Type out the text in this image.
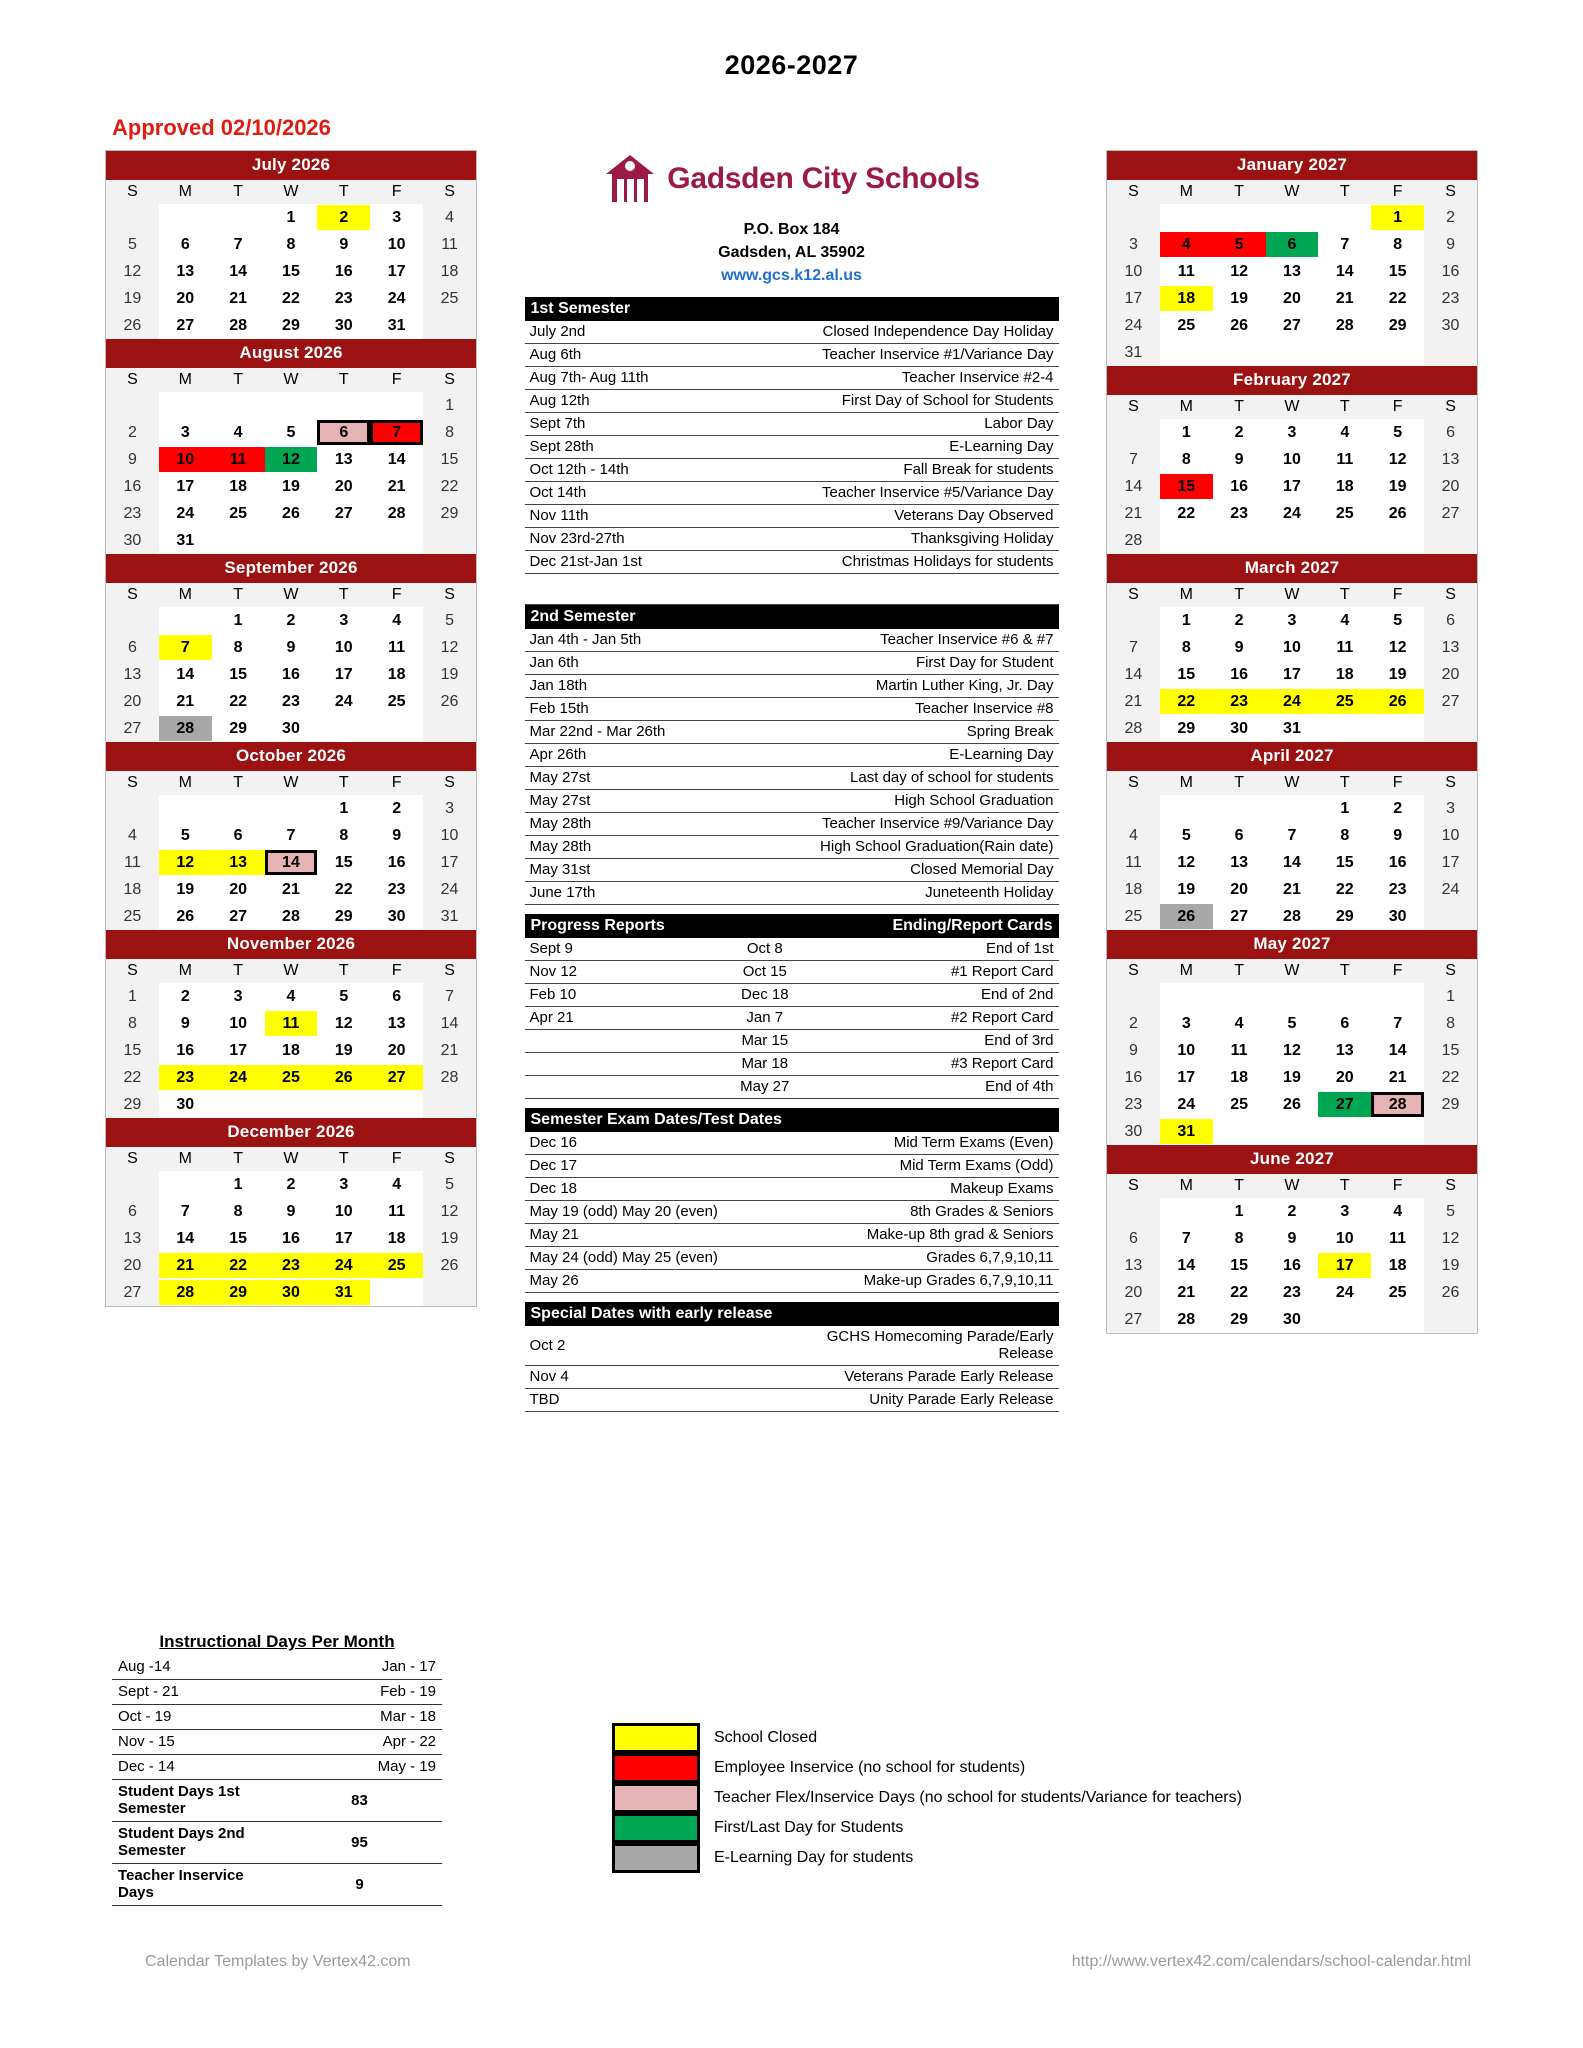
2026-2027
Approved 02/10/2026
July 2026
S	M	T	W	T	F	S

			1	2	3	4

5	6	7	8	9	10	11

12	13	14	15	16	17	18

19	20	21	22	23	24	25

26	27	28	29	30	31	

August 2026
S	M	T	W	T	F	S

						1

2	3	4	5	6	7	8

9	10	11	12	13	14	15

16	17	18	19	20	21	22

23	24	25	26	27	28	29

30	31					

September 2026
S	M	T	W	T	F	S

		1	2	3	4	5

6	7	8	9	10	11	12

13	14	15	16	17	18	19

20	21	22	23	24	25	26

27	28	29	30			

October 2026
S	M	T	W	T	F	S

				1	2	3

4	5	6	7	8	9	10

11	12	13	14	15	16	17

18	19	20	21	22	23	24

25	26	27	28	29	30	31
November 2026
S	M	T	W	T	F	S

1	2	3	4	5	6	7

8	9	10	11	12	13	14

15	16	17	18	19	20	21

22	23	24	25	26	27	28

29	30					

December 2026
S	M	T	W	T	F	S

		1	2	3	4	5

6	7	8	9	10	11	12

13	14	15	16	17	18	19

20	21	22	23	24	25	26

27	28	29	30	31		

Gadsden City Schools
P.O. Box 184
Gadsden, AL 35902
www.gcs.k12.al.us
1st Semester	
July 2nd	Closed Independence Day Holiday
Aug 6th	Teacher Inservice #1/Variance Day
Aug 7th- Aug 11th	Teacher Inservice #2-4
Aug 12th	First Day of School for Students
Sept 7th	Labor Day
Sept 28th	E-Learning Day
Oct 12th - 14th	Fall Break for students
Oct 14th	Teacher Inservice #5/Variance Day
Nov 11th	Veterans Day Observed
Nov 23rd-27th	Thanksgiving Holiday
Dec 21st-Jan 1st	Christmas Holidays for students

2nd Semester	
Jan 4th - Jan 5th	Teacher Inservice #6 & #7
Jan 6th	First Day for Student
Jan 18th	Martin Luther King, Jr. Day
Feb 15th	Teacher Inservice #8
Mar 22nd - Mar 26th	Spring Break
Apr 26th	E-Learning Day
May 27st	Last day of school for students
May 27st	High School Graduation
May 28th	Teacher Inservice #9/Variance Day
May 28th	High School Graduation(Rain date)
May 31st	Closed Memorial Day
June 17th	Juneteenth Holiday
Progress Reports		Ending/Report Cards
Sept 9	Oct 8	End of 1st
Nov 12	Oct 15	#1 Report Card
Feb 10	Dec 18	End of 2nd
Apr 21	Jan 7	#2 Report Card
	Mar 15	End of 3rd
	Mar 18	#3 Report Card
	May 27	End of 4th
Semester Exam Dates/Test Dates	
Dec 16	Mid Term Exams (Even)
Dec 17	Mid Term Exams (Odd)
Dec 18	Makeup Exams
May 19 (odd) May 20 (even)	8th Grades & Seniors
May 21	Make-up 8th grad & Seniors
May 24 (odd) May 25 (even)	Grades 6,7,9,10,11
May 26	Make-up Grades 6,7,9,10,11
Special Dates with early release	
Oct 2	GCHS Homecoming Parade/Early Release
Nov 4	Veterans Parade Early Release
TBD	Unity Parade Early Release
January 2027
S	M	T	W	T	F	S

					1	2

3	4	5	6	7	8	9

10	11	12	13	14	15	16

17	18	19	20	21	22	23

24	25	26	27	28	29	30

31						

February 2027
S	M	T	W	T	F	S

	1	2	3	4	5	6

7	8	9	10	11	12	13

14	15	16	17	18	19	20

21	22	23	24	25	26	27

28						

March 2027
S	M	T	W	T	F	S

	1	2	3	4	5	6

7	8	9	10	11	12	13

14	15	16	17	18	19	20

21	22	23	24	25	26	27

28	29	30	31			

April 2027
S	M	T	W	T	F	S

				1	2	3

4	5	6	7	8	9	10

11	12	13	14	15	16	17

18	19	20	21	22	23	24

25	26	27	28	29	30	

May 2027
S	M	T	W	T	F	S

						1

2	3	4	5	6	7	8

9	10	11	12	13	14	15

16	17	18	19	20	21	22

23	24	25	26	27	28	29

30	31					

June 2027
S	M	T	W	T	F	S

		1	2	3	4	5

6	7	8	9	10	11	12

13	14	15	16	17	18	19

20	21	22	23	24	25	26

27	28	29	30			

Instructional Days Per Month
Aug -14	Jan - 17
Sept - 21	Feb - 19
Oct - 19	Mar - 18
Nov - 15	Apr - 22
Dec - 14	May - 19
Student Days 1st Semester	83
Student Days 2nd Semester	95
Teacher Inservice Days	9
School Closed
Employee Inservice (no school for students)
Teacher Flex/Inservice Days (no school for students/Variance for teachers)
First/Last Day for Students
E-Learning Day for students
Calendar Templates by Vertex42.com	http://www.vertex42.com/calendars/school-calendar.html
